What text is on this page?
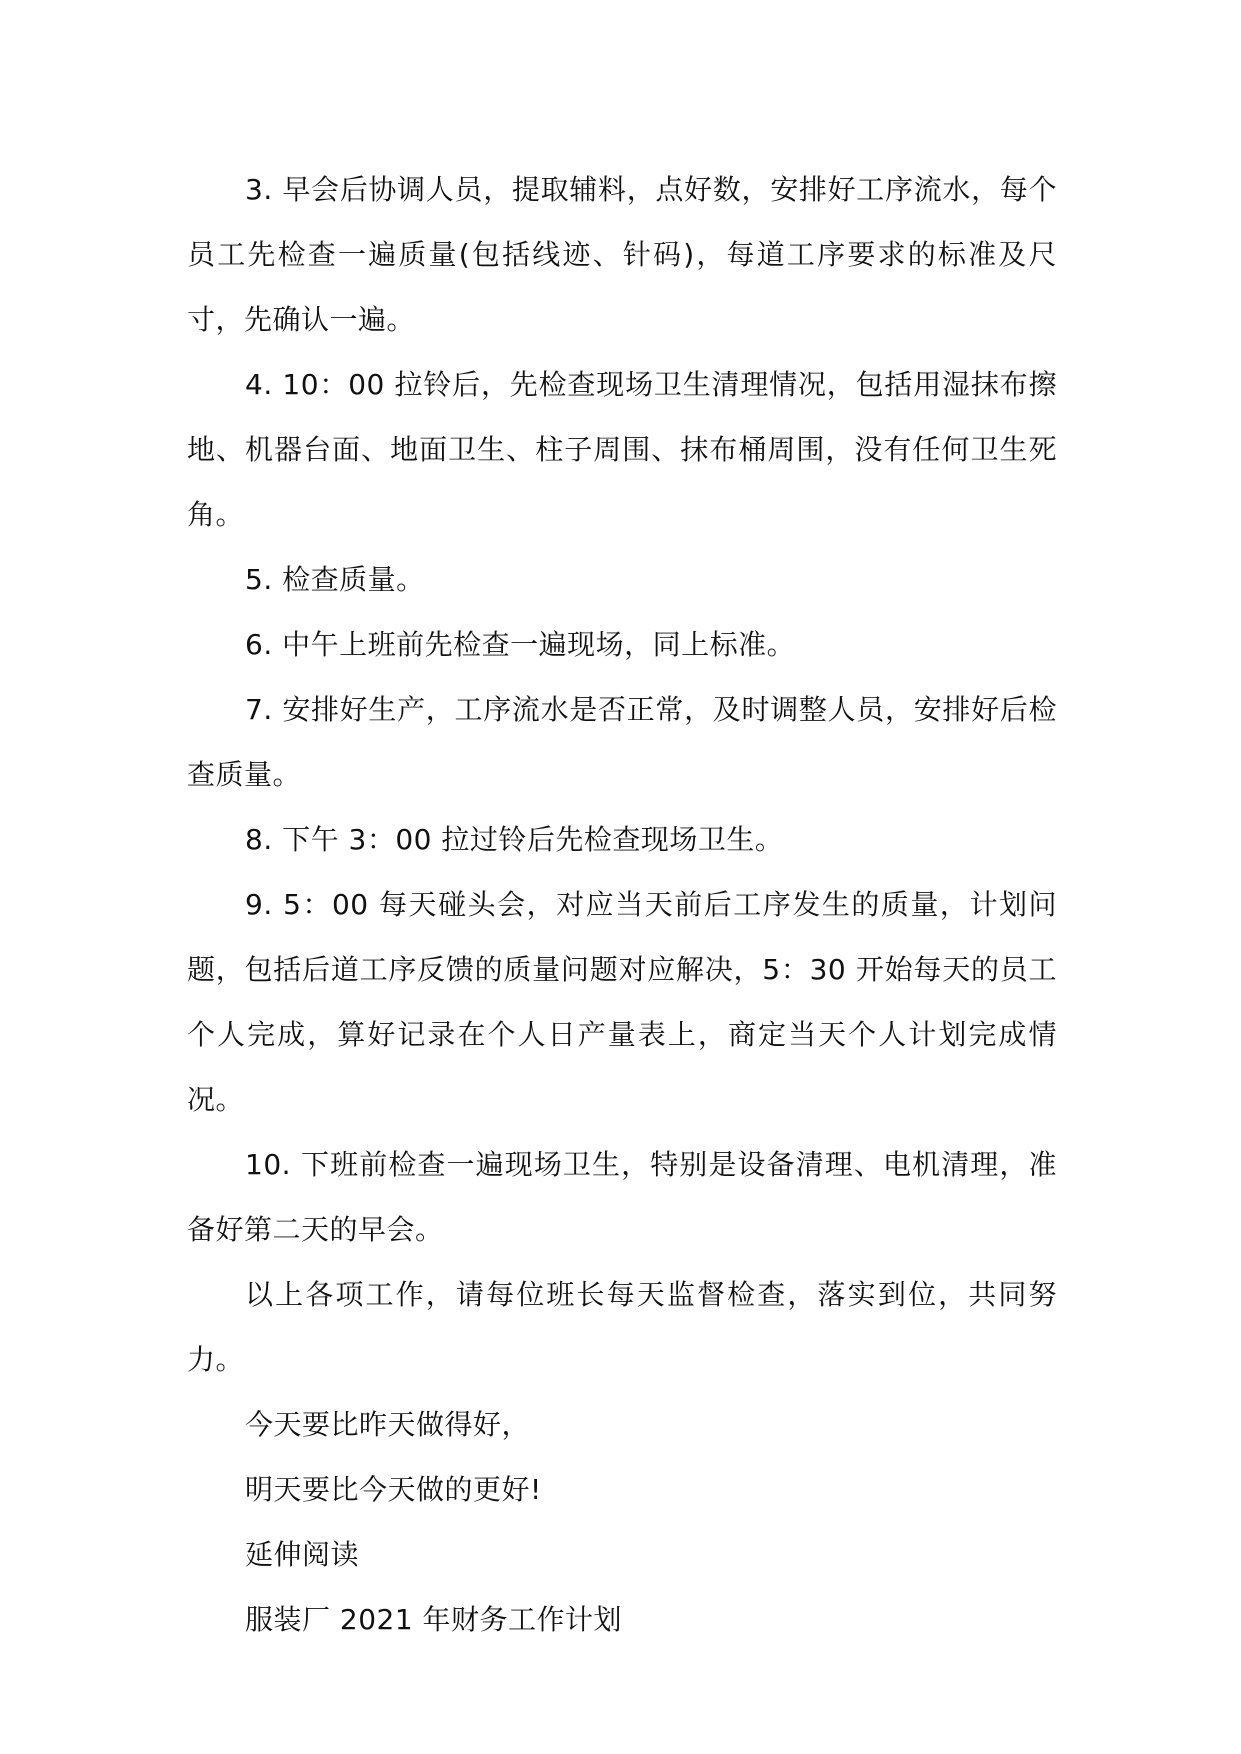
3. 早会后协调人员，提取辅料，点好数，安排好工序流水，每个员工先检查一遍质量(包括线迹、针码)，每道工序要求的标准及尺寸，先确认一遍。

4. 10：00 拉铃后，先检查现场卫生清理情况，包括用湿抹布擦地、机器台面、地面卫生、柱子周围、抹布桶周围，没有任何卫生死角。

5. 检查质量。

6. 中午上班前先检查一遍现场，同上标准。

7. 安排好生产，工序流水是否正常，及时调整人员，安排好后检查质量。

8. 下午 3：00 拉过铃后先检查现场卫生。

9. 5：00 每天碰头会，对应当天前后工序发生的质量，计划问题，包括后道工序反馈的质量问题对应解决，5：30 开始每天的员工个人完成，算好记录在个人日产量表上，商定当天个人计划完成情况。

10. 下班前检查一遍现场卫生，特别是设备清理、电机清理，准备好第二天的早会。

以上各项工作，请每位班长每天监督检查，落实到位，共同努力。

今天要比昨天做得好，

明天要比今天做的更好!

延伸阅读

服装厂 2021 年财务工作计划
